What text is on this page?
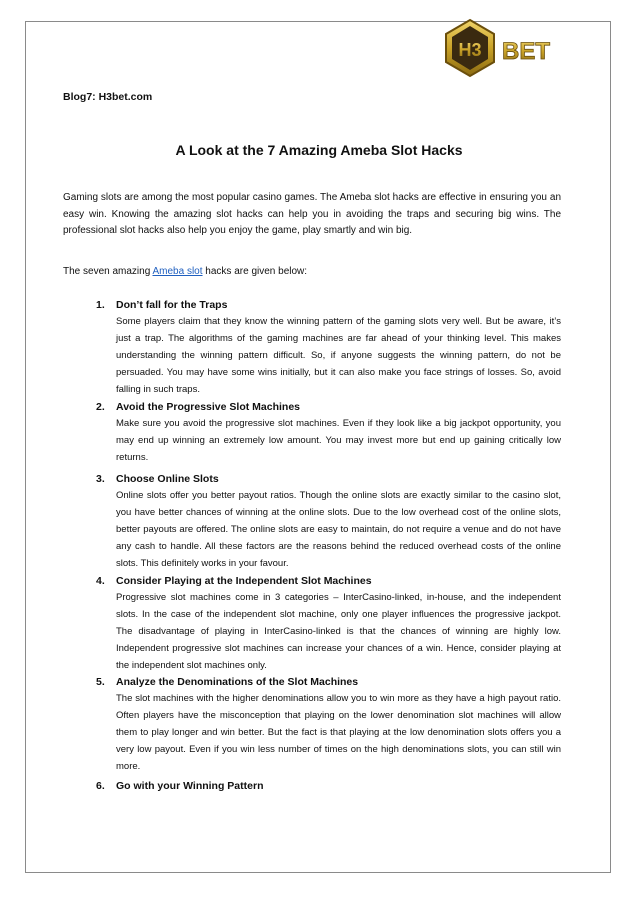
H3 BET
Blog7: H3bet.com
A Look at the 7 Amazing Ameba Slot Hacks

Gaming slots are among the most popular casino games. The Ameba slot hacks are effective in ensuring you an easy win. Knowing the amazing slot hacks can help you in avoiding the traps and securing big wins. The professional slot hacks also help you enjoy the game, play smartly and win big.

The seven amazing Ameba slot hacks are given below:

1. Don’t fall for the Traps
Some players claim that they know the winning pattern of the gaming slots very well. But be aware, it’s just a trap. The algorithms of the gaming machines are far ahead of your thinking level. This makes understanding the winning pattern difficult. So, if anyone suggests the winning pattern, do not be persuaded. You may have some wins initially, but it can also make you face strings of losses. So, avoid falling in such traps.
2. Avoid the Progressive Slot Machines
Make sure you avoid the progressive slot machines. Even if they look like a big jackpot opportunity, you may end up winning an extremely low amount. You may invest more but end up gaining critically low returns.
3. Choose Online Slots
Online slots offer you better payout ratios. Though the online slots are exactly similar to the casino slot, you have better chances of winning at the online slots. Due to the low overhead cost of the online slots, better payouts are offered. The online slots are easy to maintain, do not require a venue and do not have any cash to handle. All these factors are the reasons behind the reduced overhead costs of the online slots. This definitely works in your favour.
4. Consider Playing at the Independent Slot Machines
Progressive slot machines come in 3 categories – InterCasino-linked, in-house, and the independent slots. In the case of the independent slot machine, only one player influences the progressive jackpot. The disadvantage of playing in InterCasino-linked is that the chances of winning are highly low. Independent progressive slot machines can increase your chances of a win. Hence, consider playing at the independent slot machines only.
5. Analyze the Denominations of the Slot Machines
The slot machines with the higher denominations allow you to win more as they have a high payout ratio. Often players have the misconception that playing on the lower denomination slot machines will allow them to play longer and win better. But the fact is that playing at the low denomination slots offers you a very low payout. Even if you win less number of times on the high denominations slots, you can still win more.
6. Go with your Winning Pattern
